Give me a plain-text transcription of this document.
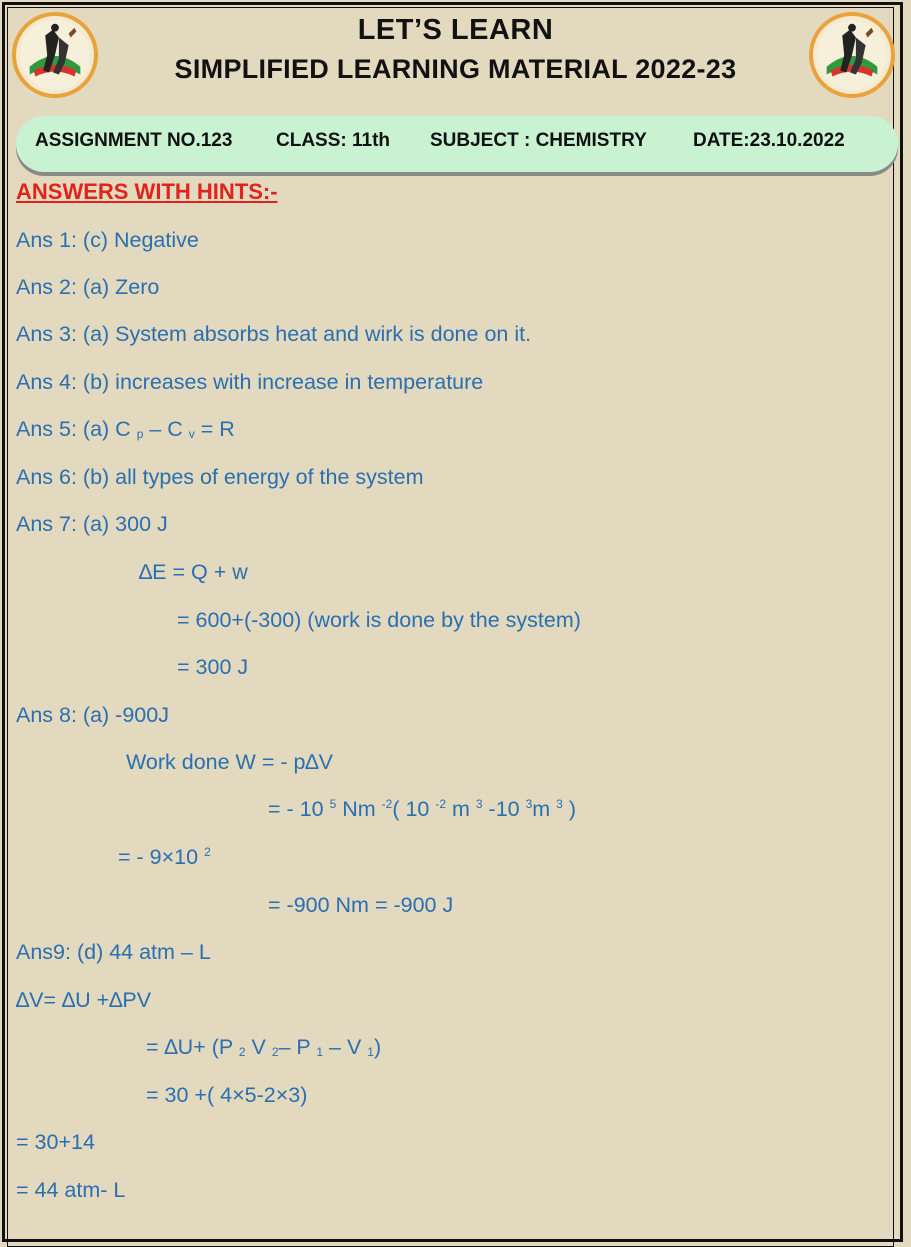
LET’S LEARN
SIMPLIFIED LEARNING MATERIAL 2022-23
ASSIGNMENT NO.123 CLASS: 11th SUBJECT : CHEMISTRY DATE:23.10.2022
ANSWERS WITH HINTS:-
Ans 1: (c) Negative
Ans 2: (a) Zero
Ans 3: (a) System absorbs heat and wirk is done on it.
Ans 4: (b) increases with increase in temperature
Ans 5: (a) C $_p$ – C $_v$ = R
Ans 6: (b) all types of energy of the system
Ans 7: (a) 300 J
∆E = Q + w
= 600+(-300) (work is done by the system)
= 300 J
Ans 8: (a) -900J
Work done W = - p∆V
= - 10 $^5$ Nm $^{-2}$( 10 $^{-2}$ m $^3$ -10 $^3$m $^3$ )
= - 9×10 $^2$
= -900 Nm = -900 J
Ans9: (d) 44 atm – L
∆V= ∆U +∆PV
= ∆U+ (P $_2$ V $_2$– P $_1$ – V $_1$)
= 30 +( 4×5-2×3)
= 30+14
= 44 atm- L
